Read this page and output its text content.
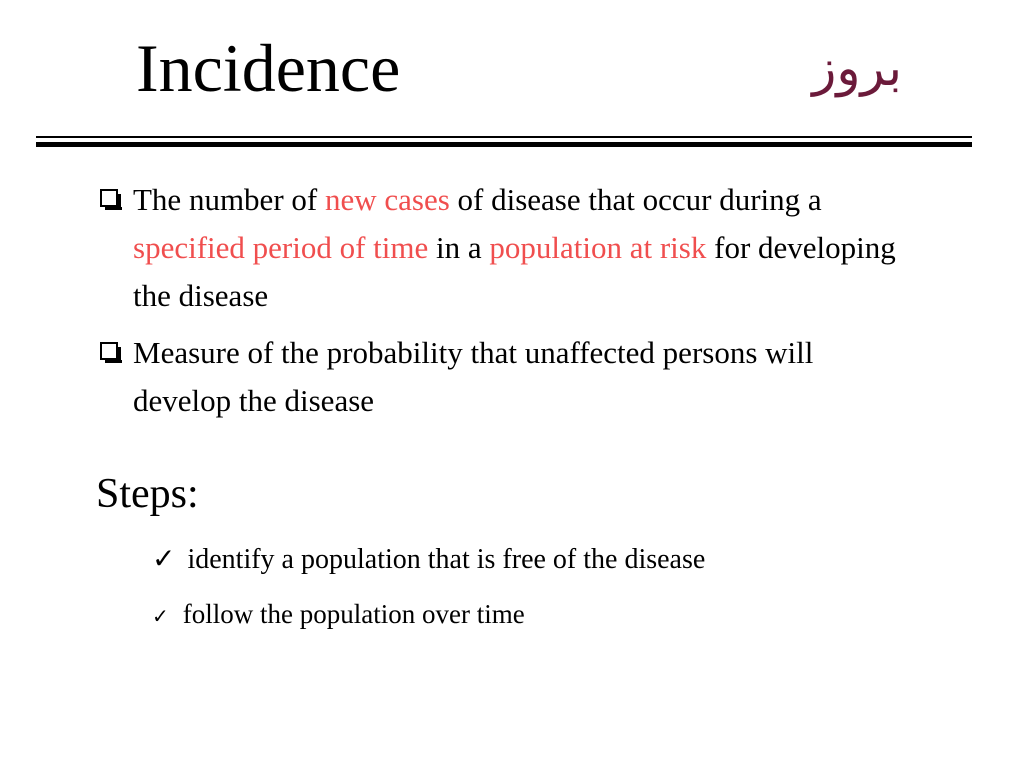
Incidence	بروز
The number of new cases of disease that occur during a specified period of time in a population at risk for developing the disease
Measure of the probability that unaffected persons will develop the disease
Steps:
✓ identify a population that is free of the disease
✓ follow the population over time
